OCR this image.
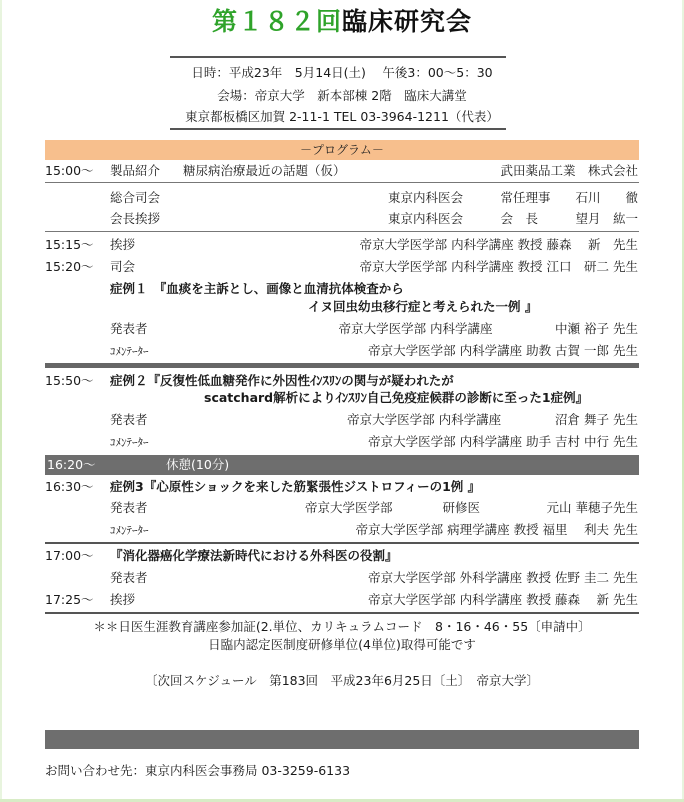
第１８２回臨床研究会
日時：平成23年　5月14日(土)　 午後3：00～5：30
会場：帝京大学　新本部棟 2階　臨床大講堂
東京都板橋区加賀 2-11-1 TEL 03-3964-1211（代表）
－プログラム－
15:00～ 製品紹介 糖尿病治療最近の話題（仮）	武田薬品工業　株式会社
総合司会	東京内科医会　　　常任理事　　石川　　徹
会長挨拶	東京内科医会　　　会　長　　　望月　紘一
15:15～ 挨拶	帝京大学医学部 内科学講座 教授 藤森　 新　先生
15:20～ 司会	帝京大学医学部 内科学講座 教授 江口　研二 先生
症例１　『血痰を主訴とし、画像と血清抗体検査から
イヌ回虫幼虫移行症と考えられた一例 』
発表者	帝京大学医学部 内科学講座　　　　　中瀬 裕子 先生
ｺﾒﾝﾃｰﾀｰ	帝京大学医学部 内科学講座 助教 古賀 一郎 先生
15:50～ 症例２『反復性低血糖発作に外因性ｲﾝｽﾘﾝの関与が疑われたが
scatchard解析によりｲﾝｽﾘﾝ自己免疫症候群の診断に至った1症例』
発表者	帝京大学医学部 内科学講座　　　　 沼倉 舞子 先生
ｺﾒﾝﾃｰﾀｰ	帝京大学医学部 内科学講座 助手 吉村 中行 先生
16:20～	休憩(10分)
16:30～ 症例3『心原性ショックを来した筋緊張性ジストロフィーの1例 』
発表者	帝京大学医学部　　　　研修医　　　　　 元山 華穂子先生
ｺﾒﾝﾃｰﾀｰ	帝京大学医学部 病理学講座 教授 福里　 利夫 先生
17:00～ 『消化器癌化学療法新時代における外科医の役割』
発表者	帝京大学医学部 外科学講座 教授 佐野 圭二 先生
17:25～ 挨拶	帝京大学医学部 内科学講座 教授 藤森　 新 先生
＊＊日医生涯教育講座参加証(2.単位、カリキュラムコード　8・16・46・55〔申請中〕
日臨内認定医制度研修単位(4単位)取得可能です
〔次回スケジュール　第183回　平成23年6月25日〔土〕　帝京大学〕
お問い合わせ先：東京内科医会事務局 03-3259-6133
